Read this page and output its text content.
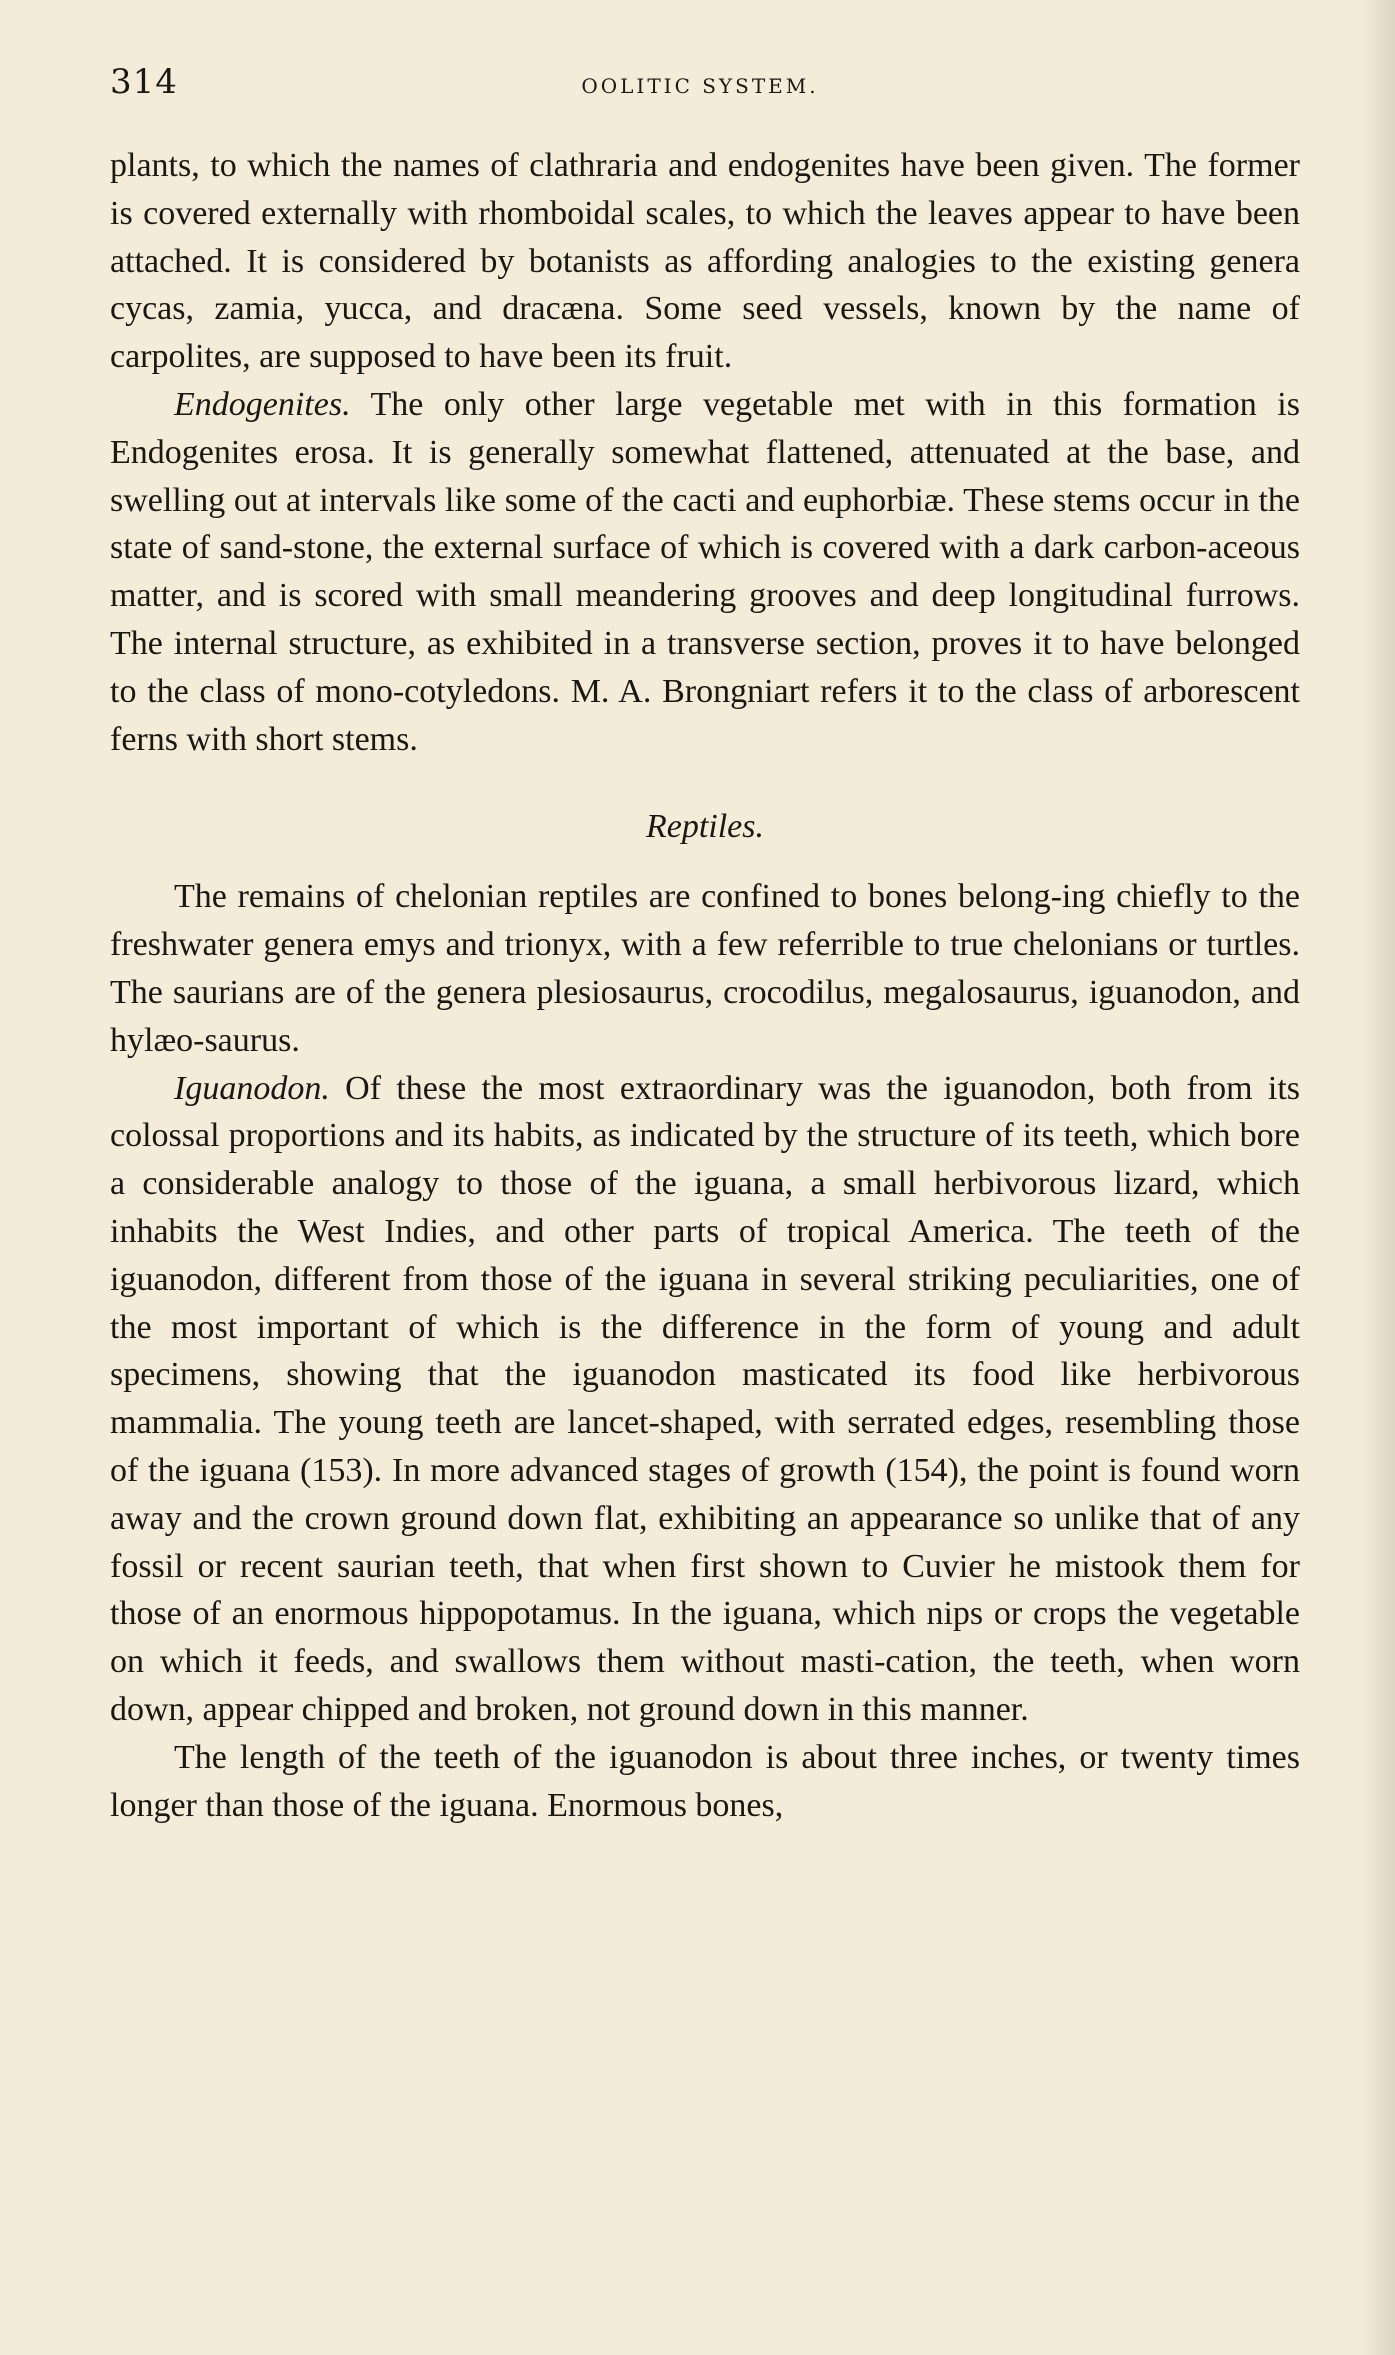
314	OOLITIC SYSTEM.

plants, to which the names of clathraria and endogenites have been given. The former is covered externally with rhomboidal scales, to which the leaves appear to have been attached. It is considered by botanists as affording analogies to the existing genera cycas, zamia, yucca, and dracæna. Some seed vessels, known by the name of carpolites, are supposed to have been its fruit.

Endogenites. The only other large vegetable met with in this formation is Endogenites erosa. It is generally somewhat flattened, attenuated at the base, and swelling out at intervals like some of the cacti and euphorbiæ. These stems occur in the state of sand-stone, the external surface of which is covered with a dark carbon-aceous matter, and is scored with small meandering grooves and deep longitudinal furrows. The internal structure, as exhibited in a transverse section, proves it to have belonged to the class of mono-cotyledons. M. A. Brongniart refers it to the class of arborescent ferns with short stems.

Reptiles.

The remains of chelonian reptiles are confined to bones belong-ing chiefly to the freshwater genera emys and trionyx, with a few referrible to true chelonians or turtles. The saurians are of the genera plesiosaurus, crocodilus, megalosaurus, iguanodon, and hylæo-saurus.

Iguanodon. Of these the most extraordinary was the iguanodon, both from its colossal proportions and its habits, as indicated by the structure of its teeth, which bore a considerable analogy to those of the iguana, a small herbivorous lizard, which inhabits the West Indies, and other parts of tropical America. The teeth of the iguanodon, different from those of the iguana in several striking peculiarities, one of the most important of which is the difference in the form of young and adult specimens, showing that the iguanodon masticated its food like herbivorous mammalia. The young teeth are lancet-shaped, with serrated edges, resembling those of the iguana (153). In more advanced stages of growth (154), the point is found worn away and the crown ground down flat, exhibiting an appearance so unlike that of any fossil or recent saurian teeth, that when first shown to Cuvier he mistook them for those of an enormous hippopotamus. In the iguana, which nips or crops the vegetable on which it feeds, and swallows them without masti-cation, the teeth, when worn down, appear chipped and broken, not ground down in this manner.

The length of the teeth of the iguanodon is about three inches, or twenty times longer than those of the iguana. Enormous bones,
